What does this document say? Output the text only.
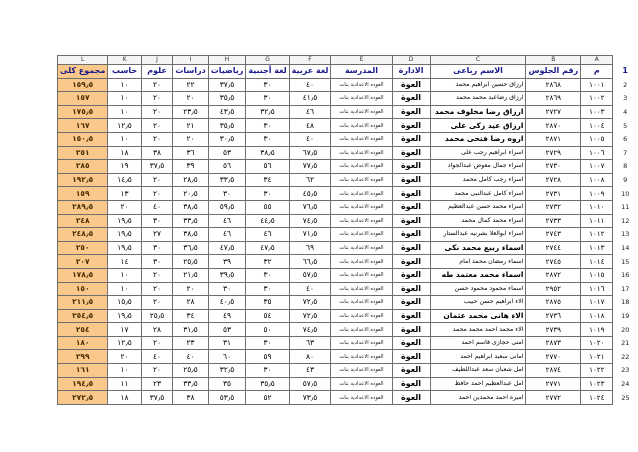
L	K	J	I	H	G	F	E	D	C	B	A	
مجموع كلى	حاسب	علوم	دراسات	رياضيات	لغة أجنبية	لغة عربية	المدرسة	الادارة	الاسم رباعى	رقم الجلوس	م	1
١٥٩٫٥	١٠	٢٠	٢٢	٣٧٫٥	٣٠	٤٠	العوده الاعدادية بنات	العوة	ارزاق حسين ابراهيم محمد	٢٨٦٨	١٠٠١	2
١٥٧	١٠	٢٠	٢٠	٣٥٫٥	٣٠	٤١٫٥	العوده الاعدادية بنات	العوة	ارزاق رضاعبد محمد محمد	٢٨٦٩	١٠٠٢	3
١٧٥٫٥	١٠	٢٠	٢٣٫٥	٤٣٫٥	٣٢٫٥	٤٦	العوده الاعدادية بنات	العوة	ارزاق رضا مخلوف محمد	٢٧٢٧	١٠٠٣	4
١٦٧	١٢٫٥	٢٠	٢١	٣٥٫٥	٣٠	٤٨	العوده الاعدادية بنات	العوة	ارزاق عيد زكى على	٢٨٧٠	١٠٠٤	5
١٥٠٫٥	١٠	٢٠	٢٠	٣٠٫٥	٣٠	٤٠	العوده الاعدادية بنات	العوة	اروه رضا فتحى محمد	٢٨٧١	١٠٠٥	6
٢٥١	١٨	٣٨	٣٦	٥٣	٣٨٫٥	٦٧٫٥	العوده الاعدادية بنات	العوة	اسراء ابراهيم رجب على	٢٧٢٩	١٠٠٦	7
٢٨٥	١٩	٣٧٫٥	٣٩	٥٦	٥٦	٧٧٫٥	العوده الاعدادية بنات	العوة	اسراء جمال معوض عبدالجواد	٢٧٣٠	١٠٠٧	8
١٩٢٫٥	١٤٫٥	٢٠	٢٨٫٥	٣٣٫٥	٣٤	٦٢	العوده الاعدادية بنات	العوة	اسراء رجب كامل محمد	٢٧٢٨	١٠٠٨	9
١٥٩	١٣	٢٠	٢٠٫٥	٣٠	٣٠	٤٥٫٥	العوده الاعدادية بنات	العوة	اسراء كامل عبدالنبى محمد	٢٧٣١	١٠٠٩	10
٢٨٩٫٥	٢٠	٤٠	٣٨٫٥	٥٩٫٥	٥٥	٧٦٫٥	العوده الاعدادية بنات	العوة	اسراء محمد حسن عبدالعظيم	٢٧٣٢	١٠١٠	11
٢٤٨	١٩٫٥	٣٠	٣٣٫٥	٤٦	٤٤٫٥	٧٤٫٥	العوده الاعدادية بنات	العوة	اسراء محمد كمال محمد	٢٧٣٣	١٠١١	12
٢٤٨٫٥	١٩٫٥	٢٧	٣٨٫٥	٤٦	٤٦	٧١٫٥	العوده الاعدادية بنات	العوة	اسراء ابوالعلا بشرنيه عبدالستار	٢٧٤٣	١٠١٢	13
٢٥٠	١٩٫٥	٣٠	٣٦٫٥	٤٧٫٥	٤٧٫٥	٦٩	العوده الاعدادية بنات	العوة	اسماء ربيع محمد نكى	٢٧٤٤	١٠١٣	14
٢٠٧	١٤	٣٠	٢٥٫٥	٣٩	٣٢	٦٦٫٥	العوده الاعدادية بنات	العوة	اسماء رمضان محمد امام	٢٧٤٥	١٠١٤	15
١٧٨٫٥	١٠	٢٠	٢١٫٥	٣٩٫٥	٣٠	٥٧٫٥	العوده الاعدادية بنات	العوة	اسماء محمد معتمد طه	٢٨٧٢	١٠١٥	16
١٥٠	١٠	٢٠	٢٠	٣٠	٣٠	٤٠	العوده الاعدادية بنات	العوة	اسماء محمود محمود حسن	٢٩٥٢	١٠١٦	17
٢١١٫٥	١٥٫٥	٢٠	٢٨	٤٠٫٥	٣٥	٧٢٫٥	العوده الاعدادية بنات	العوة	الاء ابراهيم حسن حبيب	٢٨٧٥	١٠١٧	18
٢٥٤٫٥	١٩٫٥	٢٥٫٥	٣٤	٤٩	٥٤	٧٢٫٥	العوده الاعدادية بنات	العوة	الاء هانى محمد عثمان	٢٧٣٦	١٠١٨	19
٢٥٤	١٧	٢٨	٣١٫٥	٥٣	٥٠	٧٤٫٥	العوده الاعدادية بنات	العوة	الاء محمد احمد محمد محمد	٢٧٣٩	١٠١٩	20
١٨٠	١٢٫٥	٢٠	٢٣	٣١	٣٠	٦٣	العوده الاعدادية بنات	العوة	امنى حجازى قاسم احمد	٢٨٧٣	١٠٢٠	21
٢٩٩	٢٠	٤٠	٤٠	٦٠	٥٩	٨٠	العوده الاعدادية بنات	العوة	امانى سعيد ابراهيم احمد	٢٧٧٠	١٠٢١	22
١٦١	١٠	٢٠	٢٥٫٥	٣٢٫٥	٣٠	٤٣	العوده الاعدادية بنات	العوة	امل شعبان سعد عبداللطيف	٢٨٧٤	١٠٢٢	23
١٩٤٫٥	١١	٢٣	٣٣٫٥	٣٥	٣٥٫٥	٥٧٫٥	العوده الاعدادية بنات	العوة	امل عبدالعظيم احمد حافظ	٢٧٧١	١٠٢٣	24
٢٧٢٫٥	١٨	٣٧٫٥	٣٨	٥٣٫٥	٥٢	٧٣٫٥	العوده الاعدادية بنات	العوة	اميره احمد محمدين احمد	٢٧٧٢	١٠٢٤	25
